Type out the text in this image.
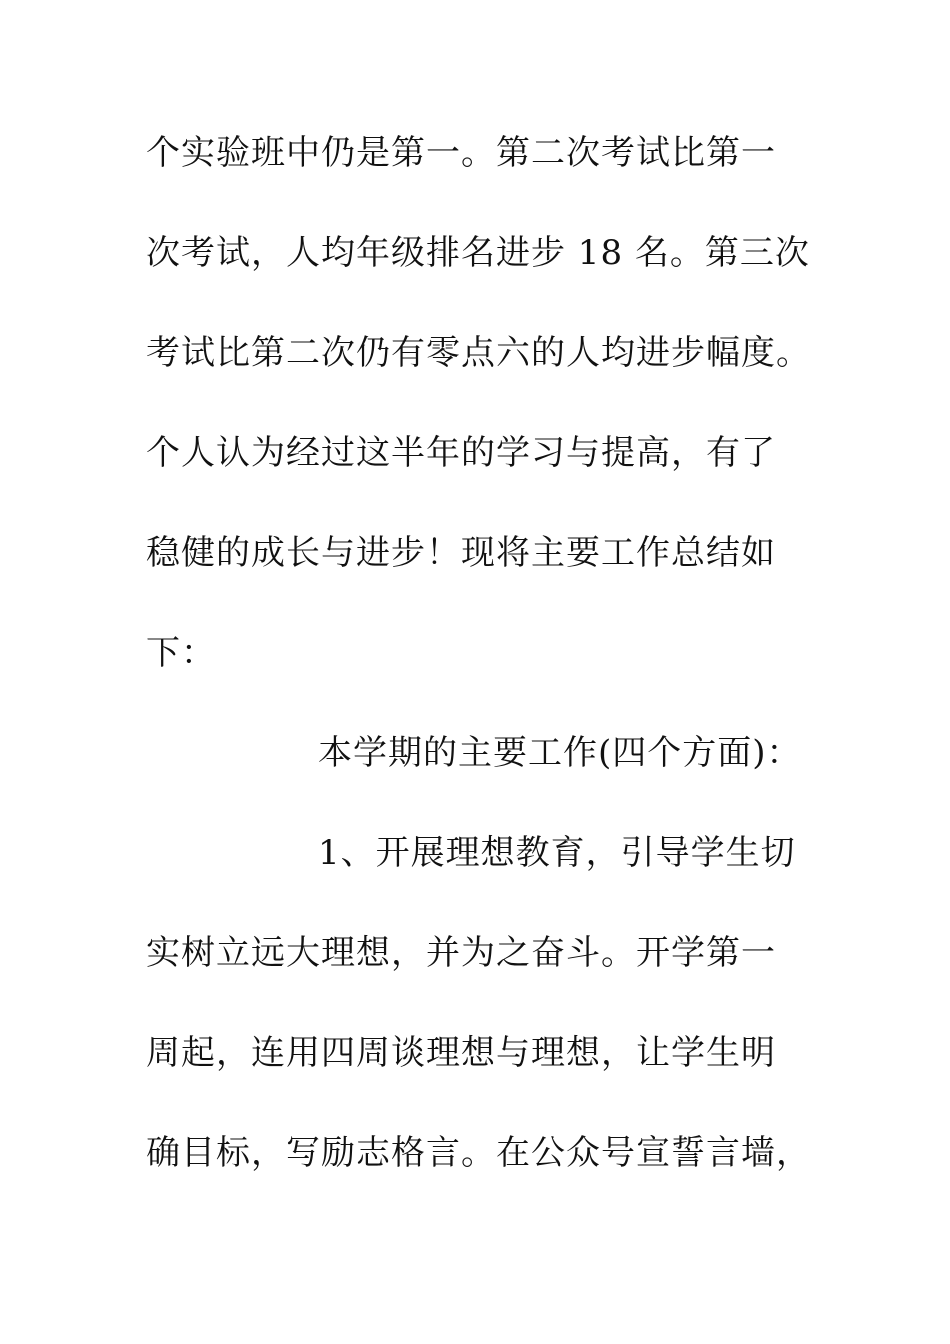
个实验班中仍是第一。第二次考试比第一
次考试，人均年级排名进步 18 名。第三次
考试比第二次仍有零点六的人均进步幅度。
个人认为经过这半年的学习与提高，有了
稳健的成长与进步！现将主要工作总结如
下：
本学期的主要工作(四个方面)：
1、开展理想教育，引导学生切
实树立远大理想，并为之奋斗。开学第一
周起，连用四周谈理想与理想，让学生明
确目标，写励志格言。在公众号宣誓言墙，
